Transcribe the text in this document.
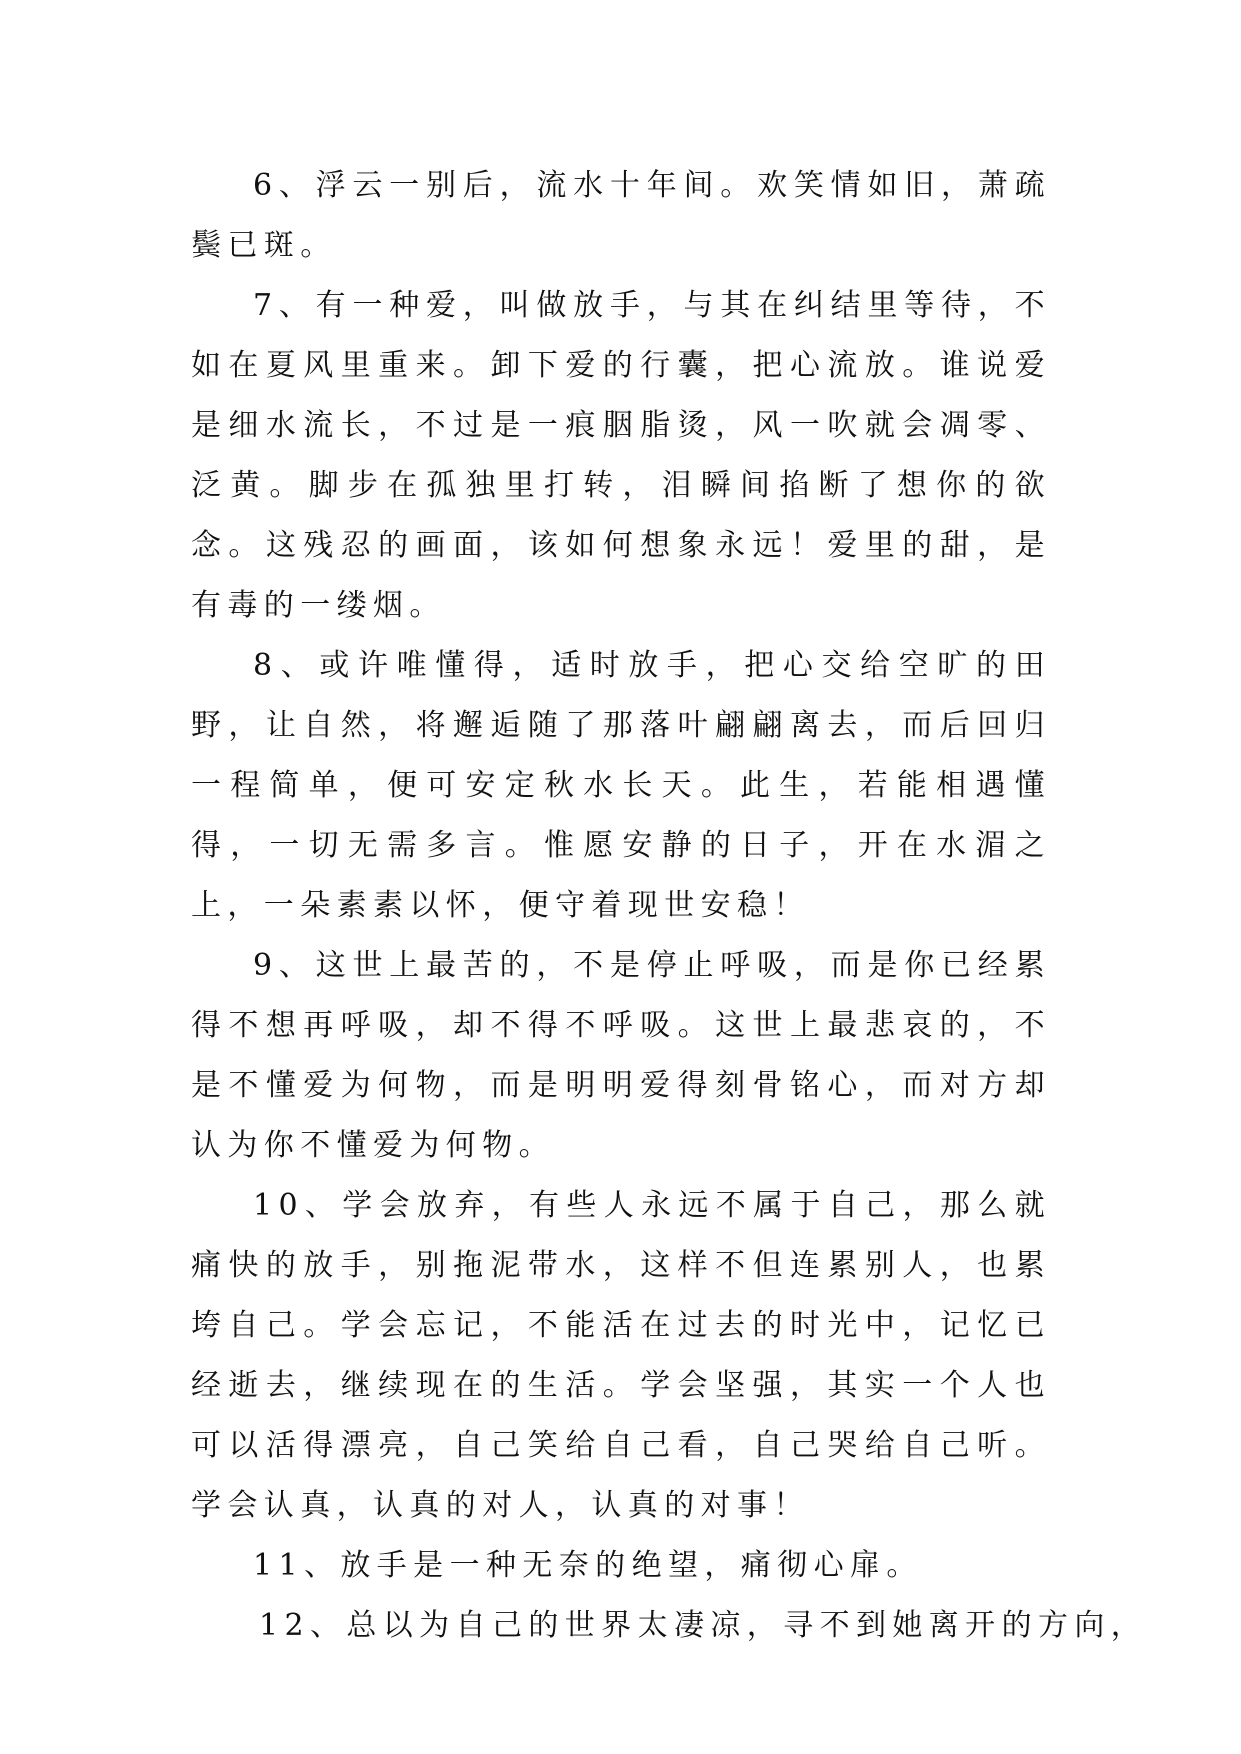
6、浮云一别后，流水十年间。欢笑情如旧，萧疏鬓已斑。

7、有一种爱，叫做放手，与其在纠结里等待，不如在夏风里重来。卸下爱的行囊，把心流放。谁说爱是细水流长，不过是一痕胭脂烫，风一吹就会凋零、泛黄。脚步在孤独里打转，泪瞬间掐断了想你的欲念。这残忍的画面，该如何想象永远！爱里的甜，是有毒的一缕烟。

8、或许唯懂得，适时放手，把心交给空旷的田野，让自然，将邂逅随了那落叶翩翩离去，而后回归一程简单，便可安定秋水长天。此生，若能相遇懂得，一切无需多言。惟愿安静的日子，开在水湄之上，一朵素素以怀，便守着现世安稳！

9、这世上最苦的，不是停止呼吸，而是你已经累得不想再呼吸，却不得不呼吸。这世上最悲哀的，不是不懂爱为何物，而是明明爱得刻骨铭心，而对方却认为你不懂爱为何物。

10、学会放弃，有些人永远不属于自己，那么就痛快的放手，别拖泥带水，这样不但连累别人，也累垮自己。学会忘记，不能活在过去的时光中，记忆已经逝去，继续现在的生活。学会坚强，其实一个人也可以活得漂亮，自己笑给自己看，自己哭给自己听。学会认真，认真的对人，认真的对事！

11、放手是一种无奈的绝望，痛彻心扉。

12、总以为自己的世界太凄凉，寻不到她离开的方向，
